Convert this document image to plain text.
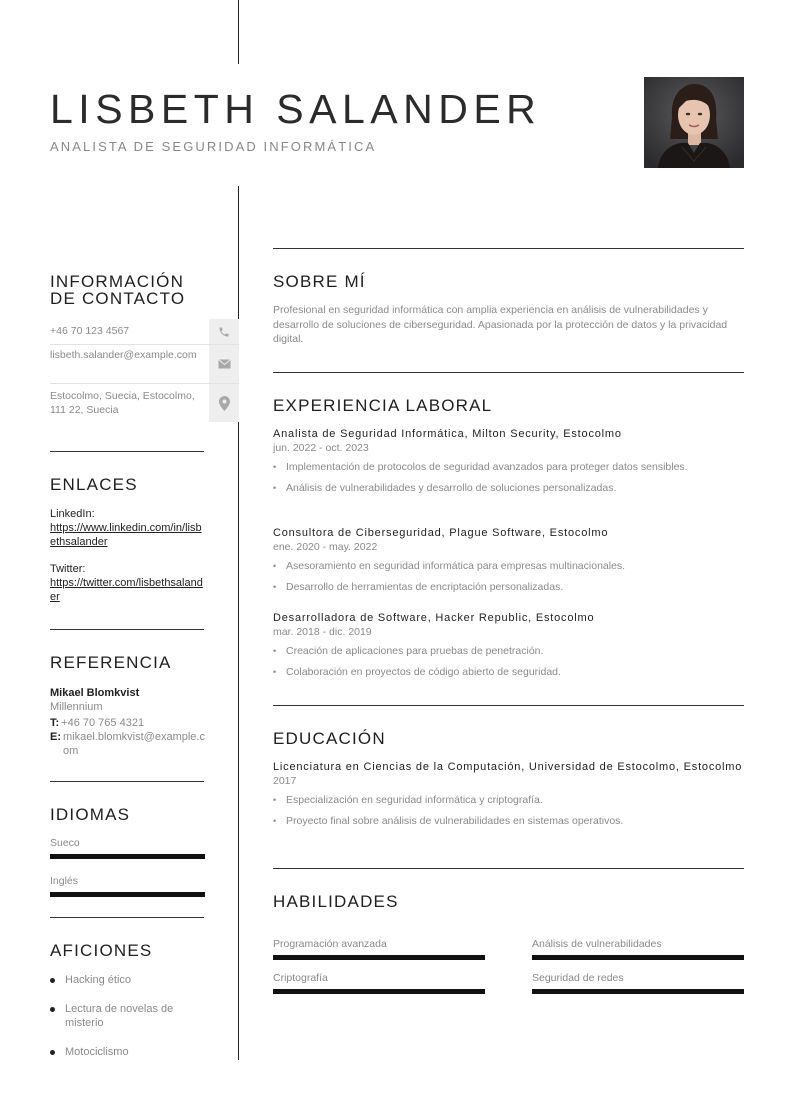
LISBETH SALANDER
ANALISTA DE SEGURIDAD INFORMÁTICA
INFORMACIÓN
DE CONTACTO
+46 70 123 4567
lisbeth.salander@example.com
Estocolmo, Suecia, Estocolmo, 111 22, Suecia
ENLACES
LinkedIn:
https://www.linkedin.com/in/lisbethsalander
Twitter:
https://twitter.com/lisbethsalander
REFERENCIA
Mikael Blomkvist
Millennium
T: +46 70 765 4321
E: mikael.blomkvist@example.com
IDIOMAS
Sueco
Inglés
AFICIONES
Hacking ético
Lectura de novelas de misterio
Motociclismo
SOBRE MÍ
Profesional en seguridad informática con amplia experiencia en análisis de vulnerabilidades y desarrollo de soluciones de ciberseguridad. Apasionada por la protección de datos y la privacidad digital.
EXPERIENCIA LABORAL
Analista de Seguridad Informática, Milton Security, Estocolmo
jun. 2022 - oct. 2023
• Implementación de protocolos de seguridad avanzados para proteger datos sensibles.
• Análisis de vulnerabilidades y desarrollo de soluciones personalizadas.
Consultora de Ciberseguridad, Plague Software, Estocolmo
ene. 2020 - may. 2022
• Asesoramiento en seguridad informática para empresas multinacionales.
• Desarrollo de herramientas de encriptación personalizadas.
Desarrolladora de Software, Hacker Republic, Estocolmo
mar. 2018 - dic. 2019
• Creación de aplicaciones para pruebas de penetración.
• Colaboración en proyectos de código abierto de seguridad.
EDUCACIÓN
Licenciatura en Ciencias de la Computación, Universidad de Estocolmo, Estocolmo
2017
• Especialización en seguridad informática y criptografía.
• Proyecto final sobre análisis de vulnerabilidades en sistemas operativos.
HABILIDADES
Programación avanzada	Análisis de vulnerabilidades
Criptografía	Seguridad de redes
